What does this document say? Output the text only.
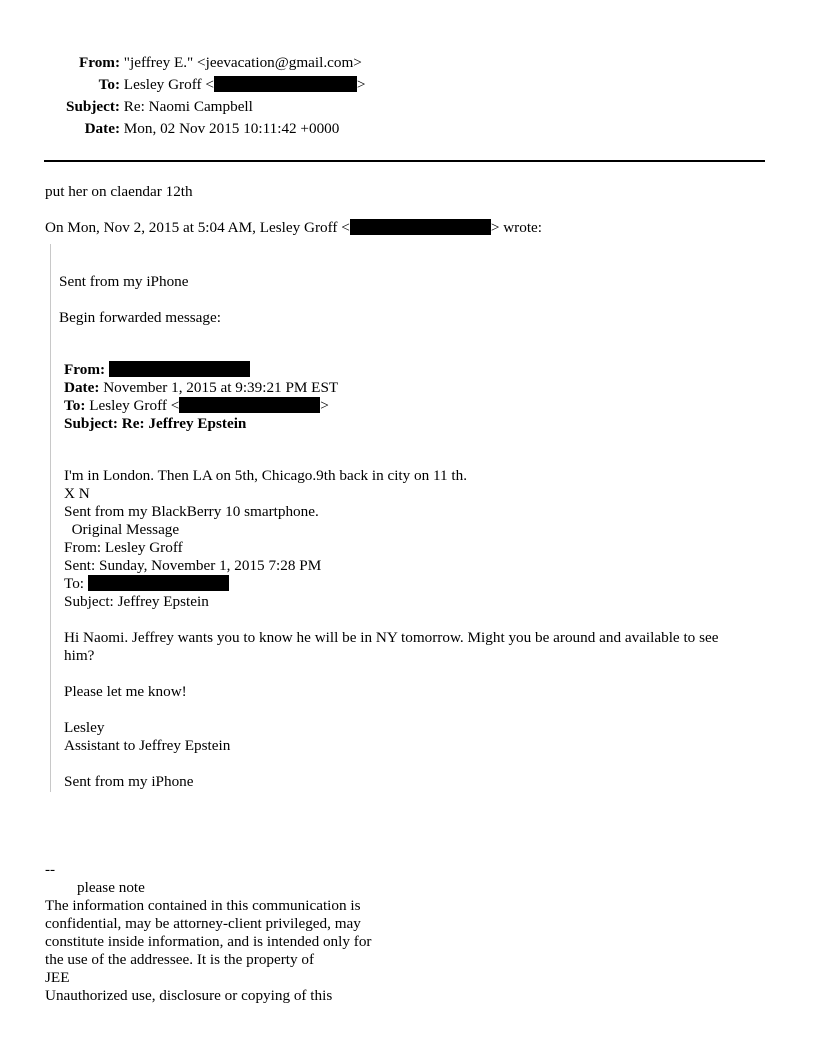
From: "jeffrey E." <jeevacation@gmail.com>
To: Lesley Groff <	>
Subject: Re: Naomi Campbell
Date: Mon, 02 Nov 2015 10:11:42 +0000
put her on claendar 12th
On Mon, Nov 2, 2015 at 5:04 AM, Lesley Groff <	> wrote:
Sent from my iPhone
Begin forwarded message:
From:
Date: November 1, 2015 at 9:39:21 PM EST
To: Lesley Groff <	>
Subject: Re: Jeffrey Epstein
I'm in London. Then LA on 5th, Chicago.9th back in city on 11 th.
X N
Sent from my BlackBerry 10 smartphone.
Original Message
From: Lesley Groff
Sent: Sunday, November 1, 2015 7:28 PM
To:
Subject: Jeffrey Epstein
Hi Naomi. Jeffrey wants you to know he will be in NY tomorrow. Might you be around and available to see
him?
Please let me know!
Lesley
Assistant to Jeffrey Epstein
Sent from my iPhone
--
please note
The information contained in this communication is
confidential, may be attorney-client privileged, may
constitute inside information, and is intended only for
the use of the addressee. It is the property of
JEE
Unauthorized use, disclosure or copying of this
